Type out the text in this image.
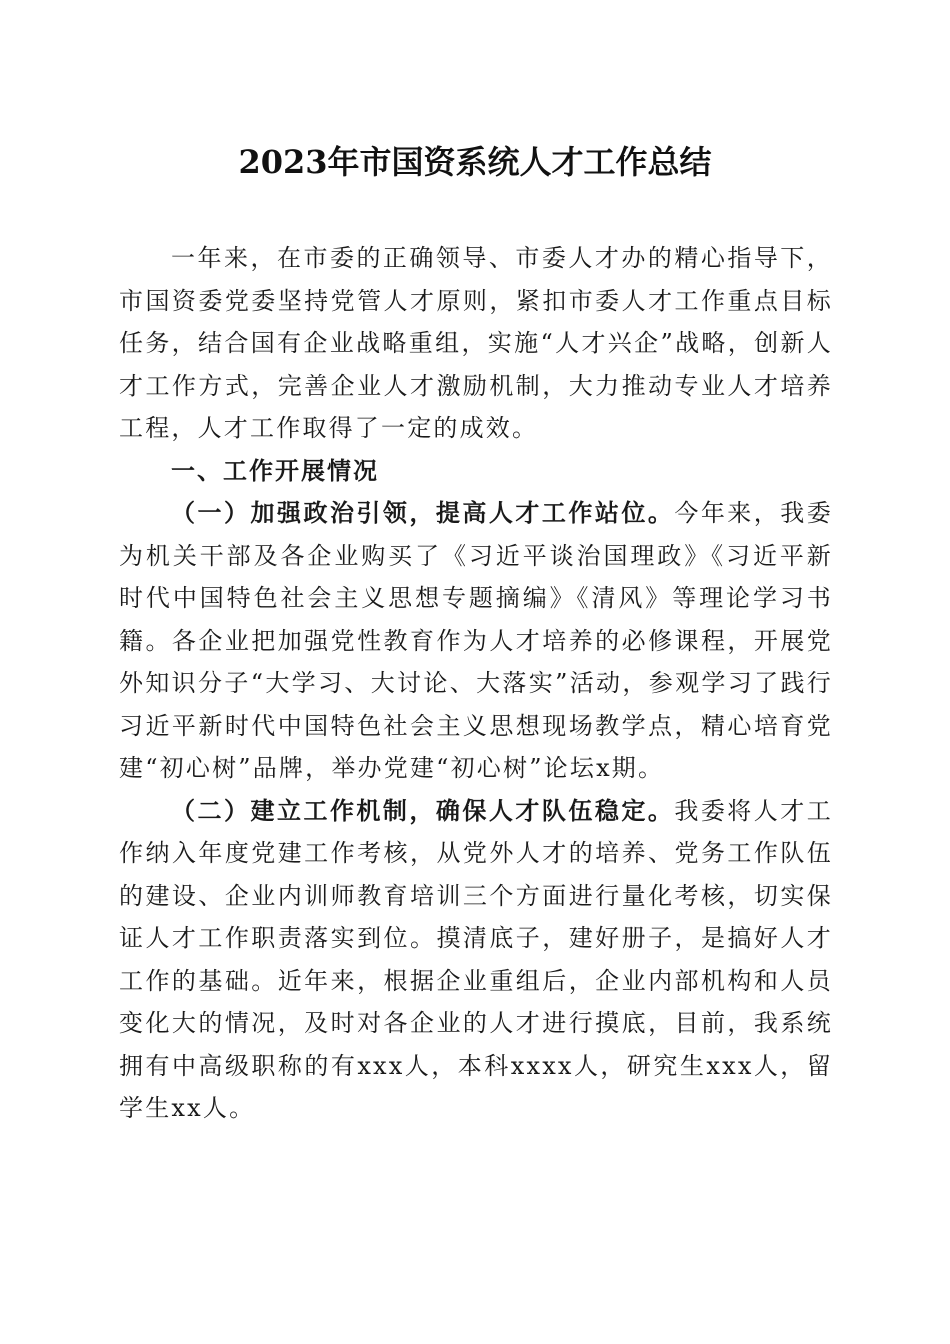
2023年市国资系统人才工作总结

一年来，在市委的正确领导、市委人才办的精心指导下，市国资委党委坚持党管人才原则，紧扣市委人才工作重点目标任务，结合国有企业战略重组，实施“人才兴企”战略，创新人才工作方式，完善企业人才激励机制，大力推动专业人才培养工程，人才工作取得了一定的成效。

一、工作开展情况

（一）加强政治引领，提高人才工作站位。今年来，我委为机关干部及各企业购买了《习近平谈治国理政》《习近平新时代中国特色社会主义思想专题摘编》《清风》等理论学习书籍。各企业把加强党性教育作为人才培养的必修课程，开展党外知识分子“大学习、大讨论、大落实”活动，参观学习了践行习近平新时代中国特色社会主义思想现场教学点，精心培育党建“初心树”品牌，举办党建“初心树”论坛x期。

（二）建立工作机制，确保人才队伍稳定。我委将人才工作纳入年度党建工作考核，从党外人才的培养、党务工作队伍的建设、企业内训师教育培训三个方面进行量化考核，切实保证人才工作职责落实到位。摸清底子，建好册子，是搞好人才工作的基础。近年来，根据企业重组后，企业内部机构和人员变化大的情况，及时对各企业的人才进行摸底，目前，我系统拥有中高级职称的有xxx人，本科xxxx人，研究生xxx人，留学生xx人。
